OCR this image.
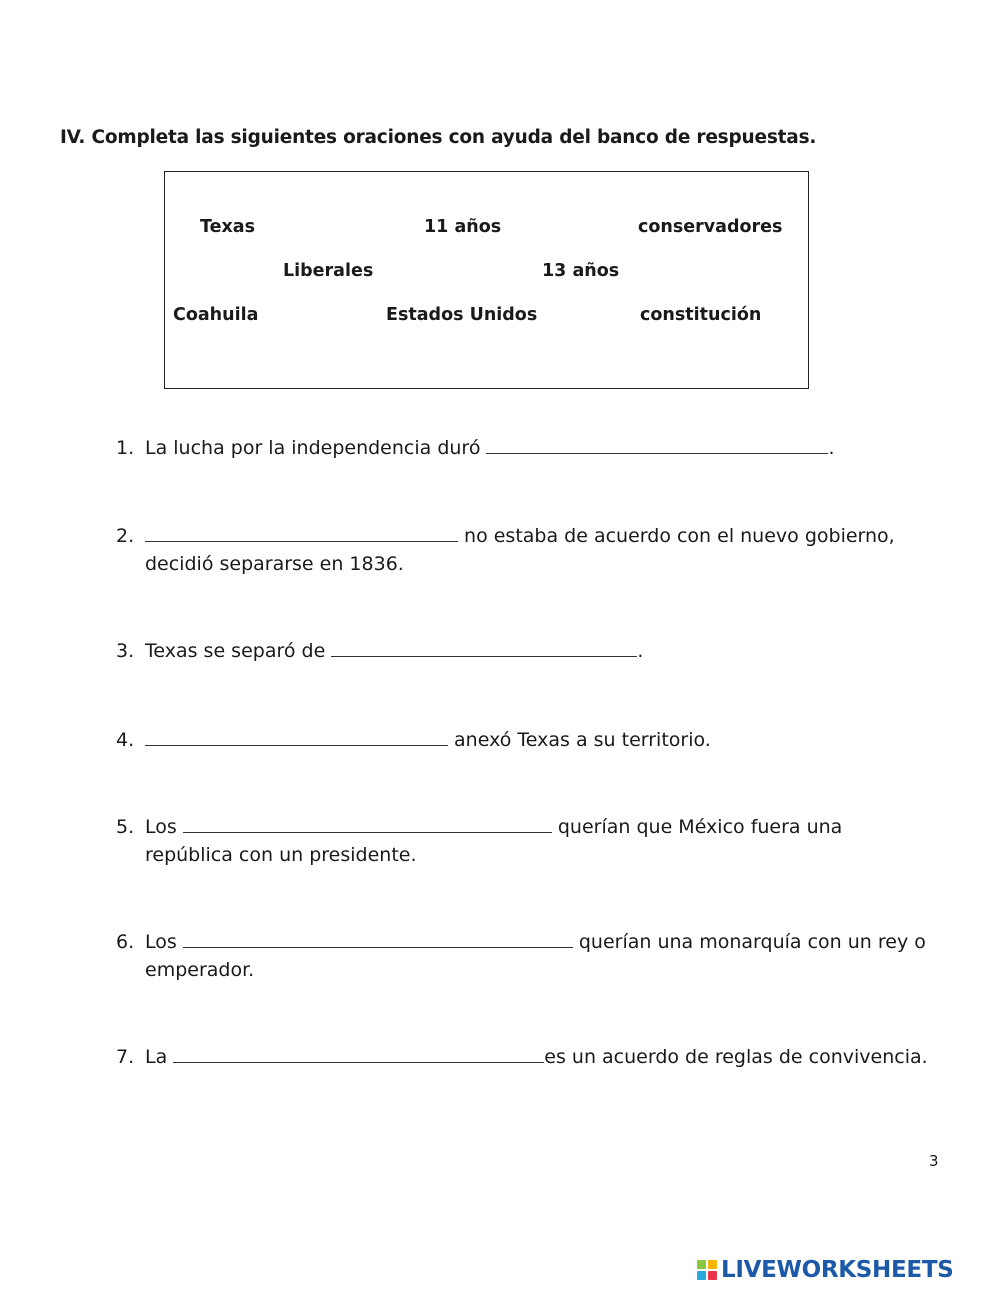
IV. Completa las siguientes oraciones con ayuda del banco de respuestas.
Texas	11 años	conservadores
Liberales	13 años
Coahuila	Estados Unidos	constitución
1. La lucha por la independencia duró	.
2.	no estaba de acuerdo con el nuevo gobierno,
decidió separarse en 1836.
3. Texas se separó de	.
4.	anexó Texas a su territorio.
5. Los	querían que México fuera una
república con un presidente.
6. Los	querían una monarquía con un rey o
emperador.
7. La	es un acuerdo de reglas de convivencia.
3
LIVEWORKSHEETS
